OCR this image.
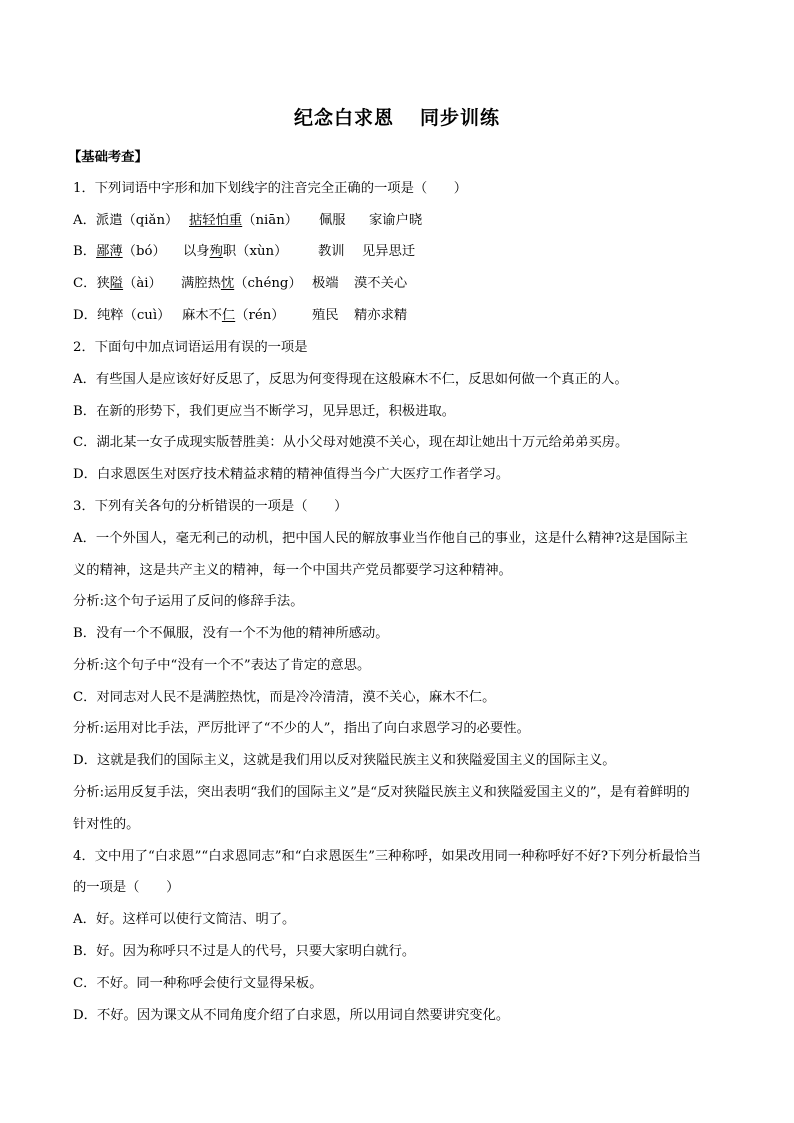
纪念白求恩 同步训练
【基础考查】
1．下列词语中字形和加下划线字的注音完全正确的一项是（　　）
A．派遣（qiǎn） 掂轻怕重（niān） 佩服 家谕户晓
B．鄙薄（bó） 以身殉职（xùn） 教训 见异思迁
C．狭隘（ài） 满腔热忱（chéng） 极端 漠不关心
D．纯粹（cuì） 麻木不仁（rén） 殖民 精亦求精
2．下面句中加点词语运用有误的一项是
A．有些国人是应该好好反思了，反思为何变得现在这般麻木不仁，反思如何做一个真正的人。
B．在新的形势下，我们更应当不断学习，见异思迁，积极进取。
C．湖北某一女子成现实版替胜美：从小父母对她漠不关心，现在却让她出十万元给弟弟买房。
D．白求恩医生对医疗技术精益求精的精神值得当今广大医疗工作者学习。
3．下列有关各句的分析错误的一项是（　　）
A．一个外国人，毫无利己的动机，把中国人民的解放事业当作他自己的事业，这是什么精神?这是国际主
义的精神，这是共产主义的精神，每一个中国共产党员都要学习这种精神。
分析:这个句子运用了反问的修辞手法。
B．没有一个不佩服，没有一个不为他的精神所感动。
分析:这个句子中“没有一个不”表达了肯定的意思。
C．对同志对人民不是满腔热忱，而是冷冷清清，漠不关心，麻木不仁。
分析:运用对比手法，严厉批评了“不少的人”，指出了向白求恩学习的必要性。
D．这就是我们的国际主义，这就是我们用以反对狭隘民族主义和狭隘爱国主义的国际主义。
分析:运用反复手法，突出表明“我们的国际主义”是“反对狭隘民族主义和狭隘爱国主义的”，是有着鲜明的
针对性的。
4．文中用了“白求恩”“白求恩同志”和“白求恩医生”三种称呼，如果改用同一种称呼好不好?下列分析最恰当
的一项是（　　）
A．好。这样可以使行文简洁、明了。
B．好。因为称呼只不过是人的代号，只要大家明白就行。
C．不好。同一种称呼会使行文显得呆板。
D．不好。因为课文从不同角度介绍了白求恩，所以用词自然要讲究变化。
